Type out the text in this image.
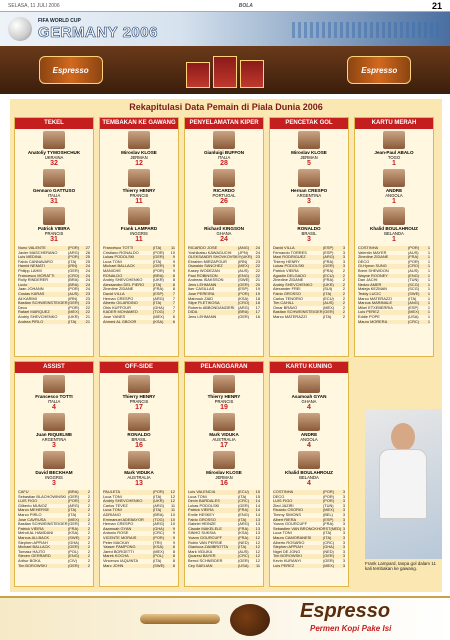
SELASA, 11 JULI 2006	BOLA	21
FIFA WORLD CUP
GERMANY 2006
Espresso	Espresso
Rekapitulasi Data Pemain di Piala Dunia 2006
TEKEL
Anatoliy TYMOSHCHUK
UKRAINA
32
Gennaro GATTUSO
ITALIA
31
Patrick VIEIRA
PRANCIS
31
Nuno VALENTE	(POR)	27
Javier MASCHERANO	(ARG)	26
Luis MEDINA	(POR)	25
Fabio CANNAVARO	(ITA)	25
Hamid NEMATI	(IRN)	24
Philipp LAHM	(GER)	24
Francesco MORATTI	(CRO)	24
Rolly RINDERER	(BRA)	24
Lucio	(BRA)	24
Jaan JOHANN	(POR)	24
Costas KARAS	(AUS)	23
Ali KARIMI	(IRN)	23
Bastian SCHWEINSTEIGER (GER)	23
Deco	(POR)	22
Rafael MARQUEZ	(MEX)	22
Andriy SHEVCHENKO	(UKR)	21
Andrea PIRLO	(ITA)	21
TEMBAKAN KE GAWANG
Miroslav KLOSE
JERMAN
12
Thierry HENRY
PRANCIS
11
Frank LAMPARD
INGGRIS
11
Francesco TOTTI	(ITA)	11
Cristiano RONALDO	(POR)	10
Lukas PODOLSKI	(GER)	9
Luca TONI	(ITA)	9
Michael BALLACK	(GER)	9
MANICHE	(POR)	9
RONALDO	(BRA)	8
Andriy SHEVCHENKO	(UKR)	8
Alessandro DEL PIERO	(ITA)	8
Zinedine ZIDANE	(FRA)	8
David VILLA	(ESP)	7
Hernan CRESPO	(ARG)	7
Alberto GILARDINO	(ITA)	7
Ohis KUFFOUR	(GHA)	7
KADER MOHAMED	(TOG)	7
Jose YANES	(MEX)	6
Ahmed AL GBOOR	(KSA)	6
PENYELAMATAN KIPER
Gianluigi BUFFON
ITALIA
28
RICARDO
PORTUGAL
26
Richard KINGSON
GHANA
24
RICARDO JOSE	(ANG)	24
Yoshikatsu KAWAGUCHI	(JPN)	24
OLEKSANDR SHOVKOVSKIY (UKR) 23
Ebrahim MIRZAPOUR	(IRN)	23
Oswaldo SANCHEZ	(MEX)	22
Kasey WODEZAN	(AUS)	22
Paul ROBINSON	(ENG)	22
Andreas ISAKSSON	(SWE)	21
Jens LEHMANN	(GER)	20
Iker CASILLAS	(ESP)	19
Jose PEREIRA	(POR)	19
Mabrouk ZAID	(KSA)	18
Stipe PLETIKOSA	(CRO)	18
Roberto ABBONDANZIERI (ARG)	17
DIDA	(BRA)	17
Jens LEHMANN	(GER)	16
PENCETAK GOL
Miroslav KLOSE
JERMAN
5
Hernan CRESPO
ARGENTINA
3
RONALDO
BRASIL
3
David VILLA	(ESP)	3
Fernando TORRES	(ESP)	3
Maxi RODRIGUEZ	(ARG)	3
Thierry HENRY	(FRA)	3
Lukas PODOLSKI	(GER)	3
Patrick VIEIRA	(FRA)	2
Agustin DELGADO	(ECU)	2
Zinedine ZIDANE	(FRA)	2
Andriy SHEVCHENKO	(UKR)	2
Alexander FREI	(SUI)	2
Fabio GROSSO	(ITA)	2
Carlos TENORIO	(ECU)	2
Tim CAHILL	(AUS)	2
Omar BRAVO	(MEX)	2
Bastian SCHWEINSTEIGER (GER)	2
Marco MATERAZZI	(ITA)	2
KARTU MERAH
Jean-Paul ABALO
TOGO
1
ANDRE
ANGOLA
1
Khalid BOULAHROUZ
BELANDA
1
COSTINHA	(POR)	1
Valentin MAYER	(AUS)	1
Zinedine ZIDANE	(FRA)	1
DECO	(POR)	1
Gi-Hyeon SUNG	(CRO)	1
Brent SHEWDON	(AUS)	1
Wayne ROONEY	(ENG)	1
Dan JACHI	(TUN)	1
Nedzo AMER	(SCG)	1
Mateja KEZMAN	(SCG)	1
Teddy LUCIC	(SWE)	1
Marco MATERAZZI	(ITA)	1
Marcus MARIMALE	(ANG)	1
Mikel ETXEBERRIA	(ESP)	1
Luis PEREZ	(MEX)	1
Eddie POPE	(USA)	1
Mauro MORERA	(CRC)	1
ASSIST
Francesco TOTTI
ITALIA
4
Juan RIQUELME
ARGENTINA
3
David BECKHAM
INGGRIS
3
CAFU	(BRA)	2
Sebastian BLACHOWINSKI (GER)	2
LUIS FIGO	(POR)	2
Gilberto MUNOZ	(ARG)	2
Marco MEHERSE	(ITA)	2
Marco PIRLO	(ITA)	2
Jose CAVRUSA	(MEX)	2
Bastian SCHWEINSTEIGER (GER)	2
Patrick VIEIRA	(FRA)	2
Mehdi AL HAMDANI	(KSA)	2
Marcus ALLBACK	(SWE)	2
Stephen APPIAH	(GHA)	2
Michael BALLACK	(GER)	2
Tomasz HAJTO	(POL)	2
Steven GERRARD	(ENG)	2
Arthur BOKA	(CIV)	2
Tim BOROWSKI	(GER)	2
OFF-SIDE
Thierry HENRY
PRANCIS
17
RONALDO
BRASIL
16
Mark VIDUKA
AUSTRALIA
13
PAULETA	(POR)	12
Luca TONI	(ITA)	12
Andriy SHEVCHENKO	(UKR)	12
Carlos TEVEZ	(ARG)	11
Luca TONI	(ITA)	11
ADRIANO	(BRA)	10
Emmanuel ADEBAYOR	(TOG)	10
Hernan CRESPO	(ARG)	10
Asamoah GYAN	(GHA)	9
Antonio ROSE	(CRC)	9
VICENTE MORAIS	(POR)	9
Peter MACKAY	(TRI)	9
Yasser PAMPONG	(KSA)	8
Jared BORGETTI	(MEX)	8
Marek KOCHA	(POL)	8
Vincenzo IAQUINTA	(ITA)	8
Marc JOHN	(SWE)	8
PELANGGARAN
Thierry HENRY
PRANCIS
19
Mark VIDUKA
AUSTRALIA
17
Miroslav KLOSE
JERMAN
16
Luis VALENCIA	(ECU)	15
Luca TONI	(ITA)	15
Devin BARDALES	(CRC)	14
Lukas PODOLSKI	(GER)	14
Patrick VIEIRA	(FRA)	14
Emile HESKEY	(ENG)	14
Fabio GROSSO	(ITA)	13
Gabriel HEINZE	(ARG)	13
Claude MAKELELE	(FRA)	13
SINHO SUKSIA	(KSA)	13
Yoann GOURCUFF	(FRA)	12
Robin VAN PERSIE	(NED)	12
Gianluca ZAMBROTTA	(ITA)	12
Mark VIDUKA	(AUS)	12
Quaresi BAYER	(CRC)	12
Bernd SCHNEIDER	(GER)	12
Cey SAELIAN	(USA)	11
KARTU KUNING
Asamoah GYAN
GHANA
4
ANDRE
ANGOLA
4
Khalid BOULAHROUZ
BELANDA
4
COSTINHA	(POR)	3
DECO	(POR)	3
LUIS FIGO	(POR)	3
Zied JAZIRI	(TUN)	3
Ricardo OSORIO	(MEX)	3
Timmy SIMONS	(BEL)	3
Albert RIERA	(ESP)	3
Yoann GOURCUFF	(FRA)	3
Sebastien VAN BRONCKHORST (NED) 3
Luca TONI	(ITA)	3
Mauro CAMORANESI	(ITA)	3
Alberto ROSARIO	(CRC)	3
Stephen APPIAH	(GHA)	3
Nigel DE JONG	(NED)	3
Tim BOROWSKI	(GER)	3
Kevin KURANYI	(GER)	3
Luis PEREZ	(MEX)	3	Frank Lampard, tanpa gol dalam 11 kali tembakan ke gawang.
Espresso
Permen Kopi Pake Isi
